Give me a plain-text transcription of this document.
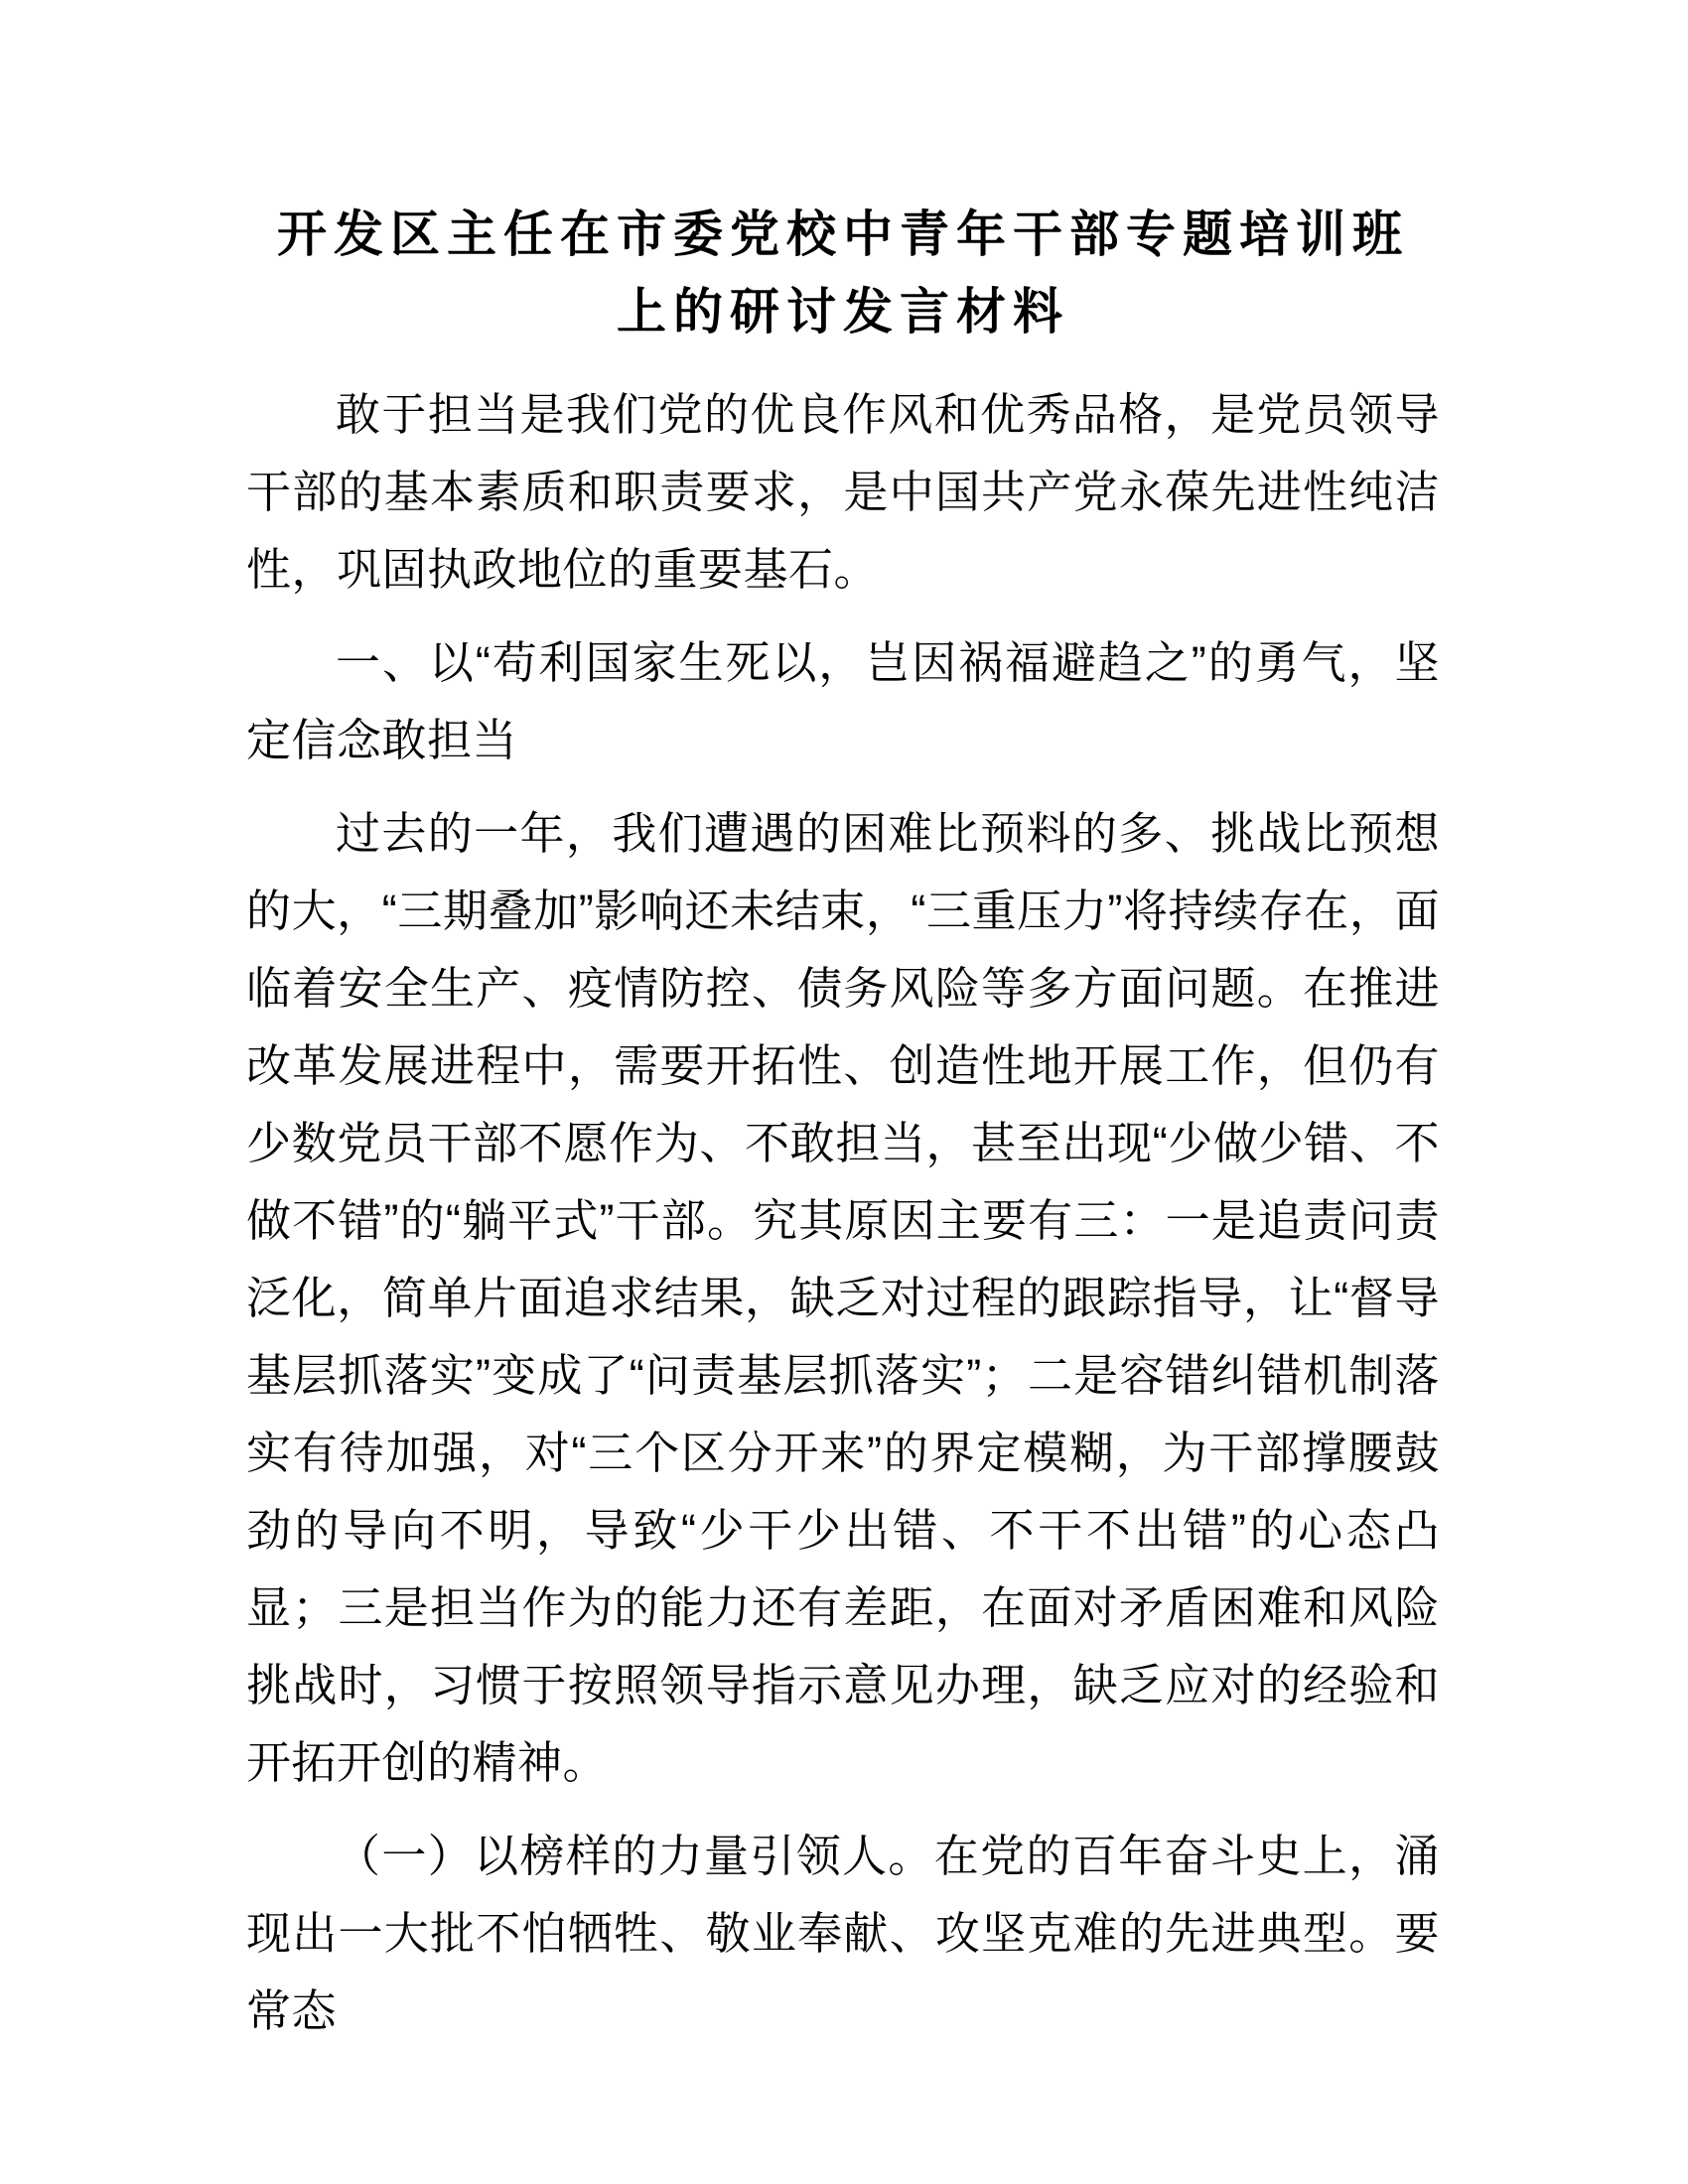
开发区主任在市委党校中青年干部专题培训班
上的研讨发言材料

敢于担当是我们党的优良作风和优秀品格，是党员领导干部的基本素质和职责要求，是中国共产党永葆先进性纯洁性，巩固执政地位的重要基石。

一、以“苟利国家生死以，岂因祸福避趋之”的勇气，坚定信念敢担当

过去的一年，我们遭遇的困难比预料的多、挑战比预想的大，“三期叠加”影响还未结束，“三重压力”将持续存在，面临着安全生产、疫情防控、债务风险等多方面问题。在推进改革发展进程中，需要开拓性、创造性地开展工作，但仍有少数党员干部不愿作为、不敢担当，甚至出现“少做少错、不做不错”的“躺平式”干部。究其原因主要有三：一是追责问责泛化，简单片面追求结果，缺乏对过程的跟踪指导，让“督导基层抓落实”变成了“问责基层抓落实”；二是容错纠错机制落实有待加强，对“三个区分开来”的界定模糊，为干部撑腰鼓劲的导向不明，导致“少干少出错、不干不出错”的心态凸显；三是担当作为的能力还有差距，在面对矛盾困难和风险挑战时，习惯于按照领导指示意见办理，缺乏应对的经验和开拓开创的精神。

（一）以榜样的力量引领人。在党的百年奋斗史上，涌现出一大批不怕牺牲、敬业奉献、攻坚克难的先进典型。要常态
